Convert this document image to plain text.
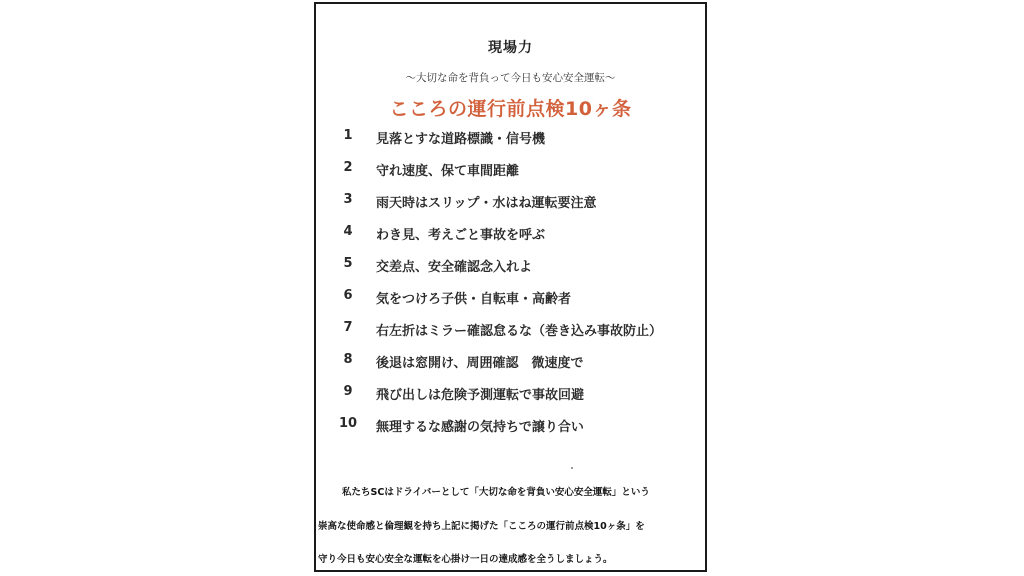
現場力
～大切な命を背負って今日も安心安全運転～
こころの運行前点検10ヶ条
1	見落とすな道路標識・信号機
2	守れ速度、保て車間距離
3	雨天時はスリップ・水はね運転要注意
4	わき見、考えごと事故を呼ぶ
5	交差点、安全確認念入れよ
6	気をつけろ子供・自転車・高齢者
7	右左折はミラー確認怠るな（巻き込み事故防止）
8	後退は窓開け、周囲確認　微速度で
9	飛び出しは危険予測運転で事故回避
10	無理するな感謝の気持ちで譲り合い
私たちSCはドライバーとして「大切な命を背負い安心安全運転」という
崇高な使命感と倫理観を持ち上記に掲げた「こころの運行前点検10ヶ条」を
守り今日も安心安全な運転を心掛け一日の達成感を全うしましょう。
